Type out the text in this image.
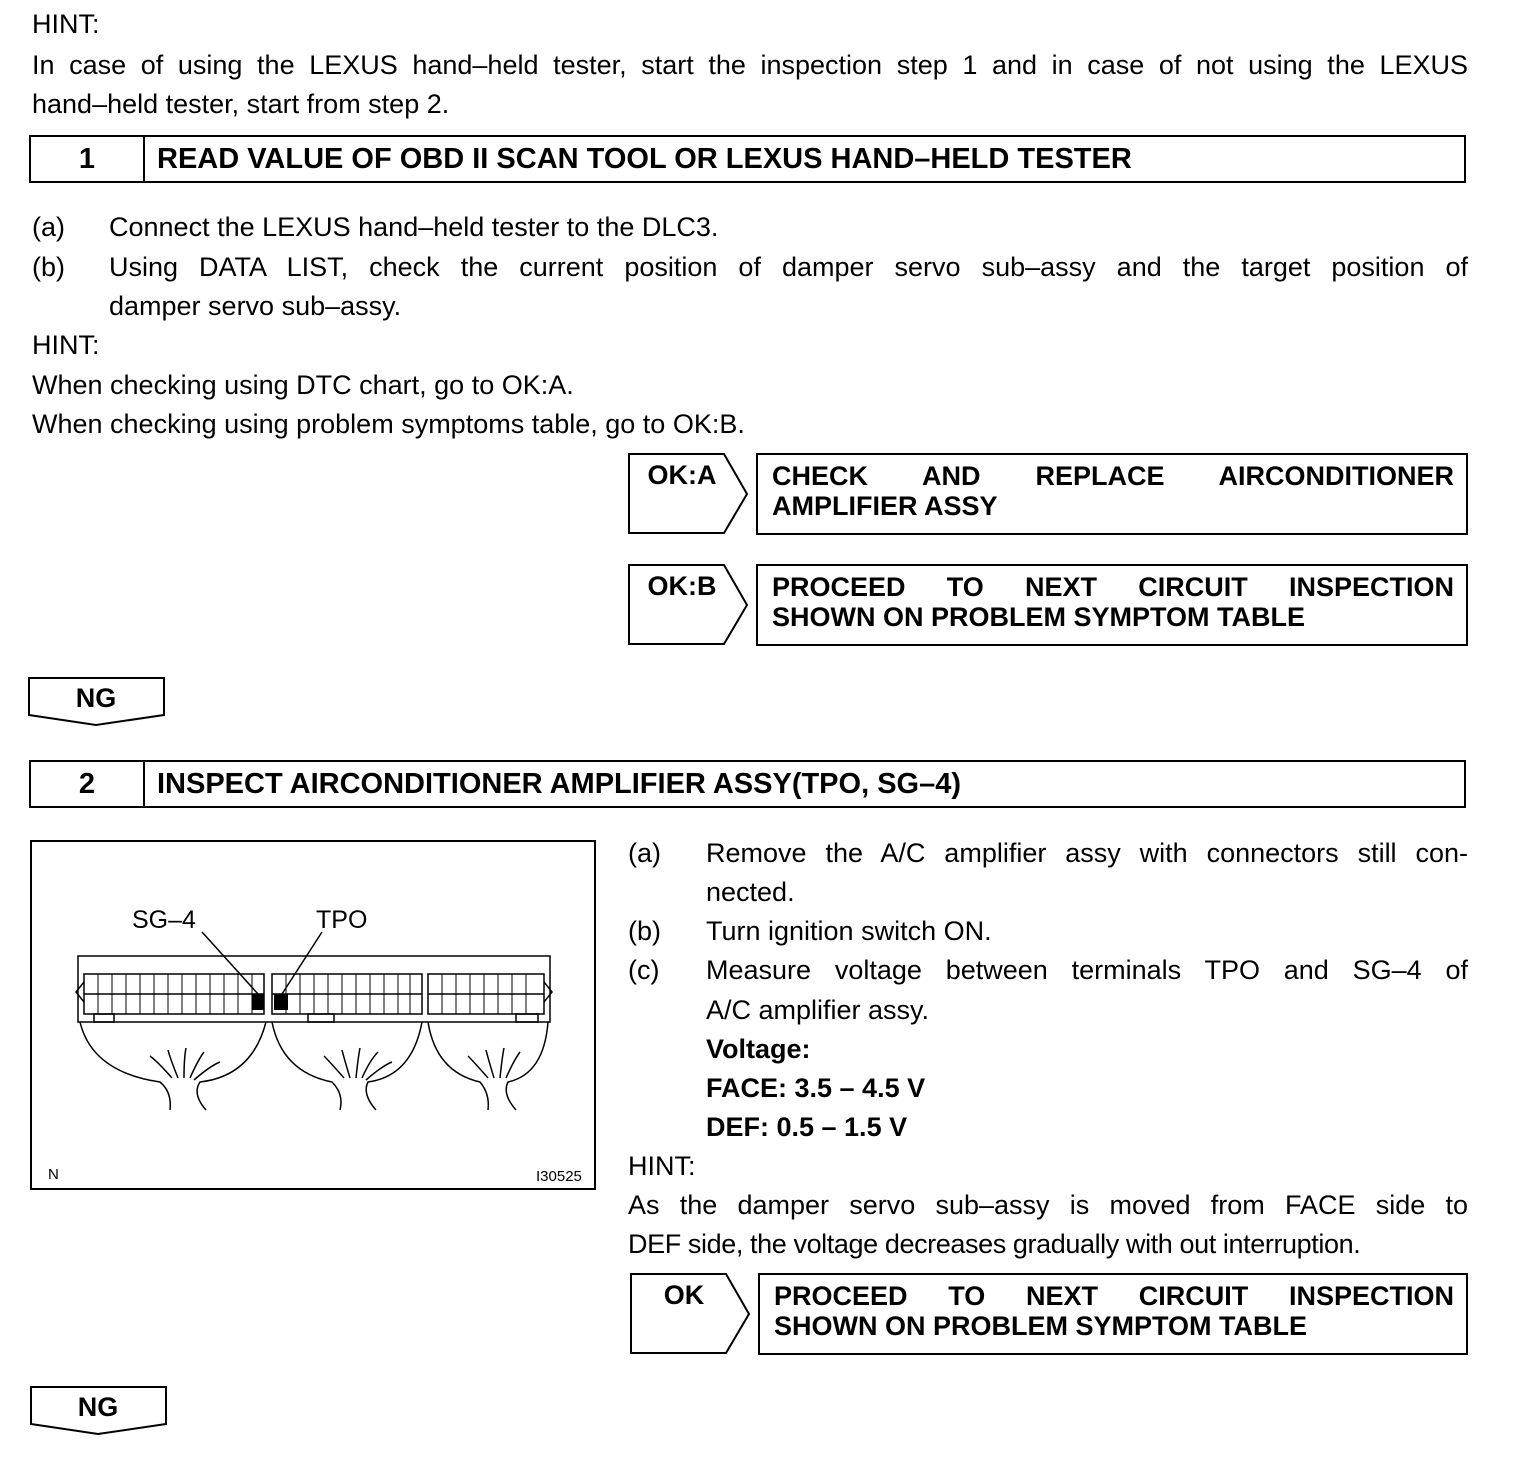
HINT:
In case of using the LEXUS hand–held tester, start the inspection step 1 and in case of not using the LEXUS
hand–held tester, start from step 2.
1	READ VALUE OF OBD II SCAN TOOL OR LEXUS HAND–HELD TESTER
(a) Connect the LEXUS hand–held tester to the DLC3.
(b) Using DATA LIST, check the current position of damper servo sub–assy and the target position of
damper servo sub–assy.
HINT:
When checking using DTC chart, go to OK:A.
When checking using problem symptoms table, go to OK:B.
OK:A	CHECK AND REPLACE AIRCONDITIONER
AMPLIFIER ASSY
OK:B	PROCEED TO NEXT CIRCUIT INSPECTION
SHOWN ON PROBLEM SYMPTOM TABLE
NG
2	INSPECT AIRCONDITIONER AMPLIFIER ASSY(TPO, SG–4)
SG–4	TPO
N	I30525
(a) Remove the A/C amplifier assy with connectors still con-
nected.
(b) Turn ignition switch ON.
(c) Measure voltage between terminals TPO and SG–4 of
A/C amplifier assy.
Voltage:
FACE: 3.5 – 4.5 V
DEF: 0.5 – 1.5 V
HINT:
As the damper servo sub–assy is moved from FACE side to
DEF side, the voltage decreases gradually with out interruption.
OK	PROCEED TO NEXT CIRCUIT INSPECTION
SHOWN ON PROBLEM SYMPTOM TABLE
NG
